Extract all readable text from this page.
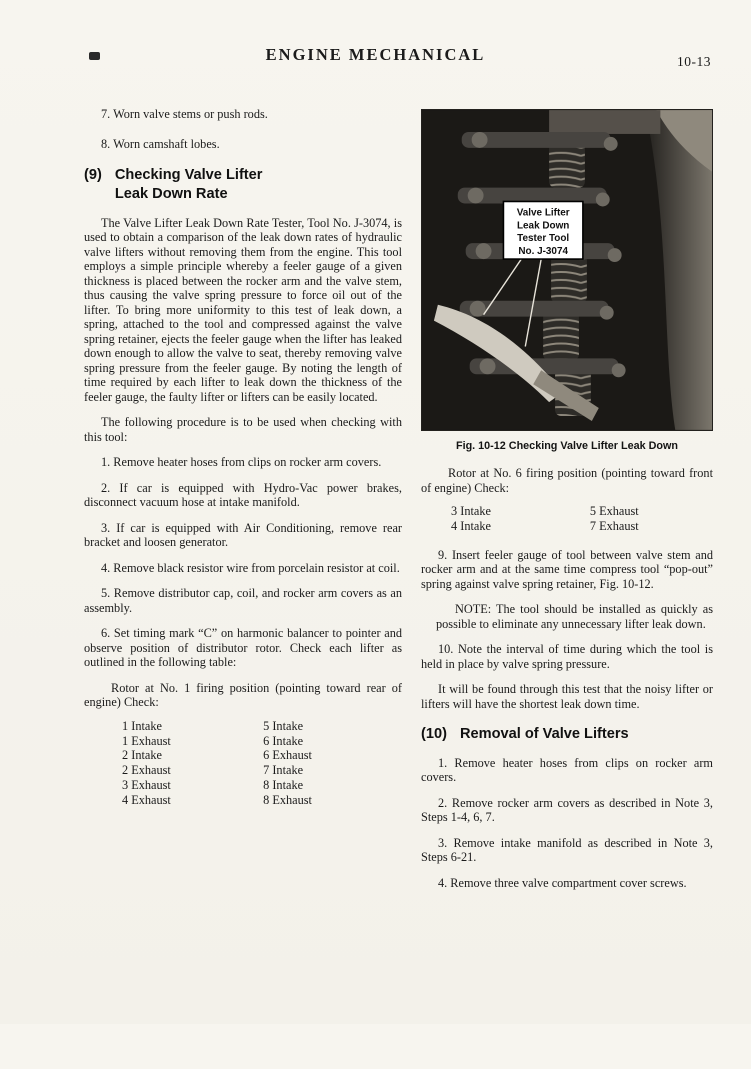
10-13
ENGINE MECHANICAL

7. Worn valve stems or push rods.

8. Worn camshaft lobes.

(9) Checking Valve Lifter
Leak Down Rate

The Valve Lifter Leak Down Rate Tester, Tool No. J-3074, is used to obtain a comparison of the leak down rates of hydraulic valve lifters without removing them from the engine. This tool employs a simple principle whereby a feeler gauge of a given thickness is placed between the rocker arm and the valve stem, thus causing the valve spring pressure to force oil out of the lifter. To bring more uniformity to this test of leak down, a spring, attached to the tool and compressed against the valve spring retainer, ejects the feeler gauge when the lifter has leaked down enough to allow the valve to seat, thereby removing valve spring pressure from the feeler gauge. By noting the length of time required by each lifter to leak down the thickness of the feeler gauge, the faulty lifter or lifters can be easily located.

The following procedure is to be used when checking with this tool:

1. Remove heater hoses from clips on rocker arm covers.

2. If car is equipped with Hydro-Vac power brakes, disconnect vacuum hose at intake manifold.

3. If car is equipped with Air Conditioning, remove rear bracket and loosen generator.

4. Remove black resistor wire from porcelain resistor at coil.

5. Remove distributor cap, coil, and rocker arm covers as an assembly.

6. Set timing mark “C” on harmonic balancer to pointer and observe position of distributor rotor. Check each lifter as outlined in the following table:

Rotor at No. 1 firing position (pointing toward rear of engine) Check:

1 Intake	5 Intake
1 Exhaust	6 Intake
2 Intake	6 Exhaust
2 Exhaust	7 Intake
3 Exhaust	8 Intake
4 Exhaust	8 Exhaust
Valve Lifter
Leak Down
Tester Tool
No. J-3074
Fig. 10-12 Checking Valve Lifter Leak Down

Rotor at No. 6 firing position (pointing toward front of engine) Check:

3 Intake	5 Exhaust
4 Intake	7 Exhaust

9. Insert feeler gauge of tool between valve stem and rocker arm and at the same time compress tool “pop-out” spring against valve spring retainer, Fig. 10-12.

NOTE: The tool should be installed as quickly as possible to eliminate any unnecessary lifter leak down.

10. Note the interval of time during which the tool is held in place by valve spring pressure.

It will be found through this test that the noisy lifter or lifters will have the shortest leak down time.

(10) Removal of Valve Lifters

1. Remove heater hoses from clips on rocker arm covers.

2. Remove rocker arm covers as described in Note 3, Steps 1-4, 6, 7.

3. Remove intake manifold as described in Note 3, Steps 6-21.

4. Remove three valve compartment cover screws.
